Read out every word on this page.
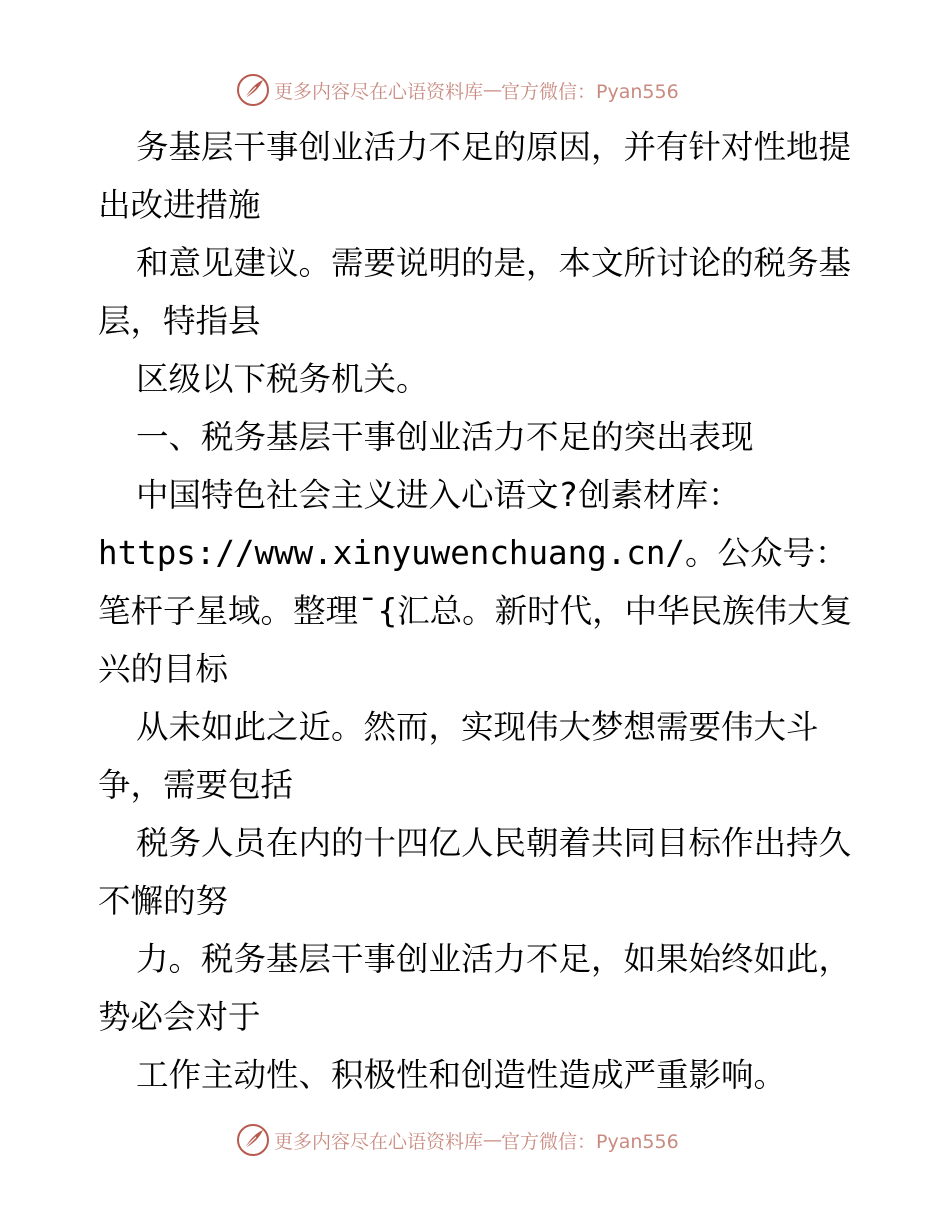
更多内容尽在心语资料库 — 官方微信：Pyan556

务基层干事创业活力不足的原因，并有针对性地提出改进措施

和意见建议。需要说明的是，本文所讨论的税务基层，特指县

区级以下税务机关。

一、税务基层干事创业活力不足的突出表现

中国特色社会主义进入心语文?创素材库：

https://www.xinyuwenchuang.cn/。公众号：笔杆子星域。整理¯{汇总。新时代，中华民族伟大复兴的目标

从未如此之近。然而，实现伟大梦想需要伟大斗争，需要包括

税务人员在内的十四亿人民朝着共同目标作出持久不懈的努

力。税务基层干事创业活力不足，如果始终如此，势必会对于

工作主动性、积极性和创造性造成严重影响。

更多内容尽在心语资料库 — 官方微信：Pyan556
